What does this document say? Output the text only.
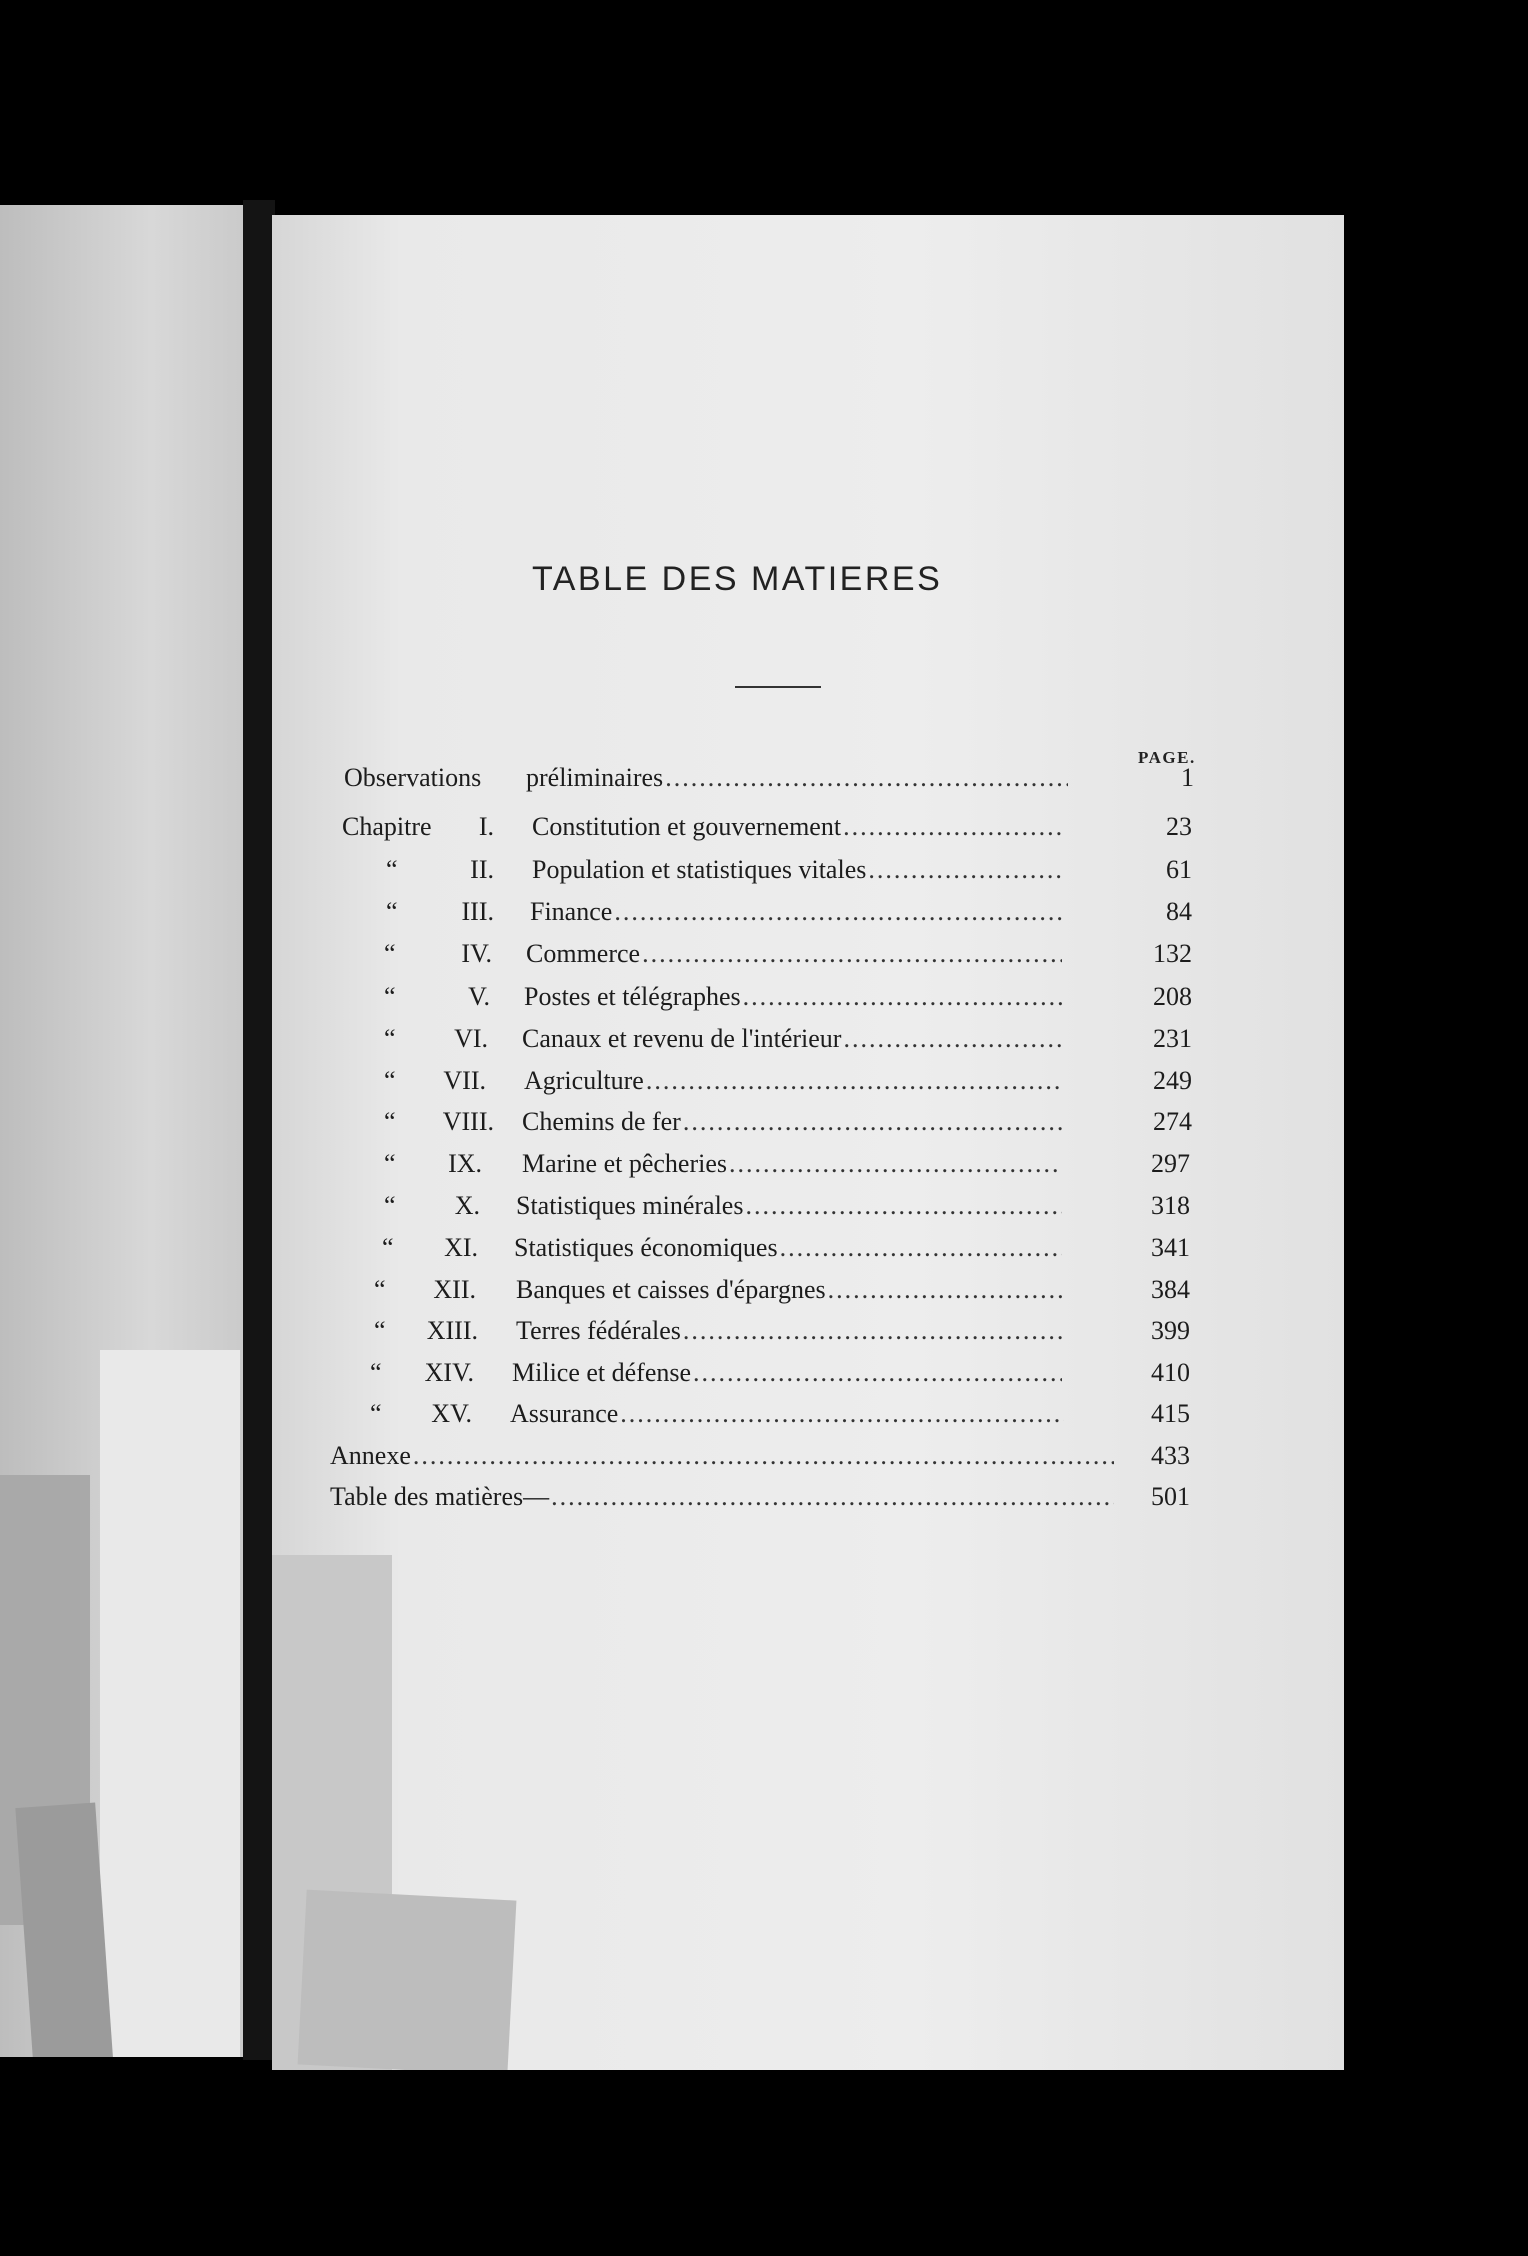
TABLE DES MATIERES
PAGE.
Observations préliminaires .....	1
Chapitre	I. Constitution et gouvernement .....	23
“	II. Population et statistiques vitales .....	61
“	III. Finance .....	84
“	IV. Commerce .....	132
“	V. Postes et télégraphes .....	208
“	VI. Canaux et revenu de l'intérieur .....	231
“	VII. Agriculture .....	249
“	VIII. Chemins de fer .....	274
“	IX. Marine et pêcheries .....	297
“	X. Statistiques minérales .....	318
“	XI. Statistiques économiques .....	341
“	XII. Banques et caisses d'épargnes .....	384
“	XIII. Terres fédérales .....	399
“	XIV. Milice et défense .....	410
“	XV. Assurance .....	415
Annexe .....	433
Table des matières— .....	501
